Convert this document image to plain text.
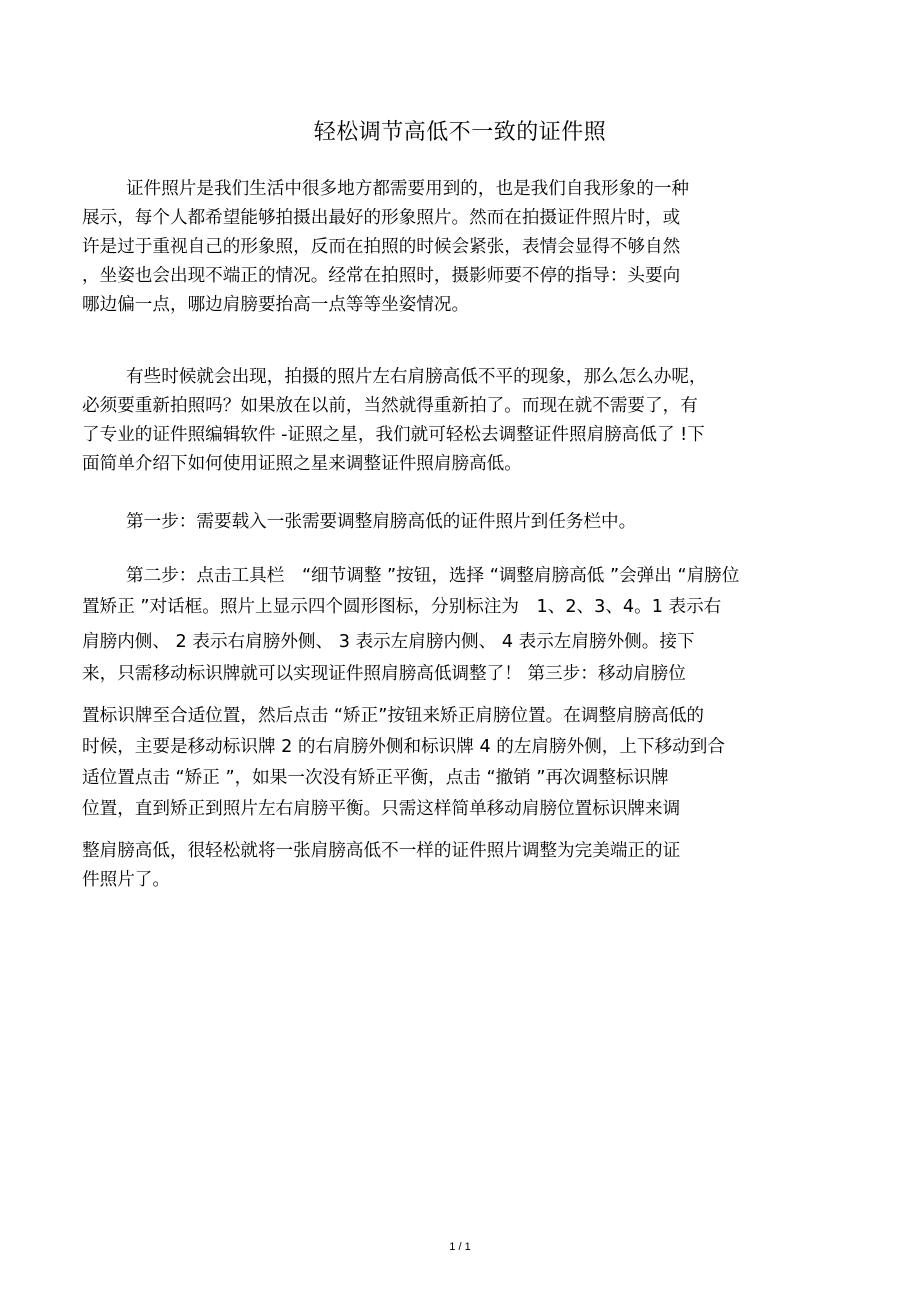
轻松调节高低不一致的证件照

证件照片是我们生活中很多地方都需要用到的，也是我们自我形象的一种

展示，每个人都希望能够拍摄出最好的形象照片。然而在拍摄证件照片时，或

许是过于重视自己的形象照，反而在拍照的时候会紧张，表情会显得不够自然

，坐姿也会出现不端正的情况。经常在拍照时，摄影师要不停的指导：头要向

哪边偏一点，哪边肩膀要抬高一点等等坐姿情况。

有些时候就会出现，拍摄的照片左右肩膀高低不平的现象，那么怎么办呢，

必须要重新拍照吗？如果放在以前，当然就得重新拍了。而现在就不需要了，有

了专业的证件照编辑软件 -证照之星，我们就可轻松去调整证件照肩膀高低了 !下

面简单介绍下如何使用证照之星来调整证件照肩膀高低。

第一步：需要载入一张需要调整肩膀高低的证件照片到任务栏中。

第二步：点击工具栏　“细节调整 ”按钮，选择 “调整肩膀高低 ”会弹出 “肩膀位

置矫正 ”对话框。照片上显示四个圆形图标，分别标注为　1、2、3、4。1 表示右

肩膀内侧、 2 表示右肩膀外侧、 3 表示左肩膀内侧、 4 表示左肩膀外侧。接下

来，只需移动标识牌就可以实现证件照肩膀高低调整了！ 第三步：移动肩膀位

置标识牌至合适位置，然后点击 “矫正”按钮来矫正肩膀位置。在调整肩膀高低的

时候，主要是移动标识牌 2 的右肩膀外侧和标识牌 4 的左肩膀外侧，上下移动到合

适位置点击 “矫正 ”，如果一次没有矫正平衡，点击 “撤销 ”再次调整标识牌

位置，直到矫正到照片左右肩膀平衡。只需这样简单移动肩膀位置标识牌来调

整肩膀高低，很轻松就将一张肩膀高低不一样的证件照片调整为完美端正的证

件照片了。

1 / 1
